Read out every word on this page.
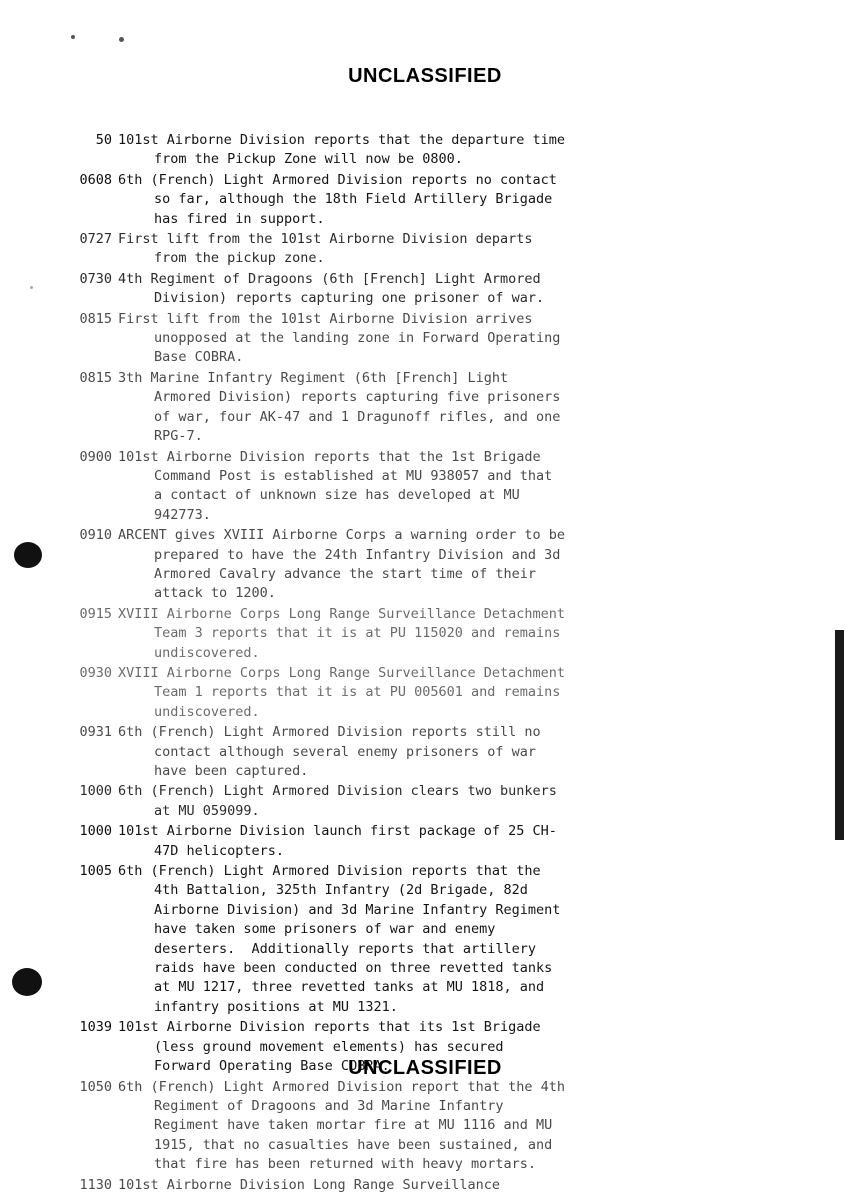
UNCLASSIFIED
50 101st Airborne Division reports that the departure time
from the Pickup Zone will now be 0800.
0608 6th (French) Light Armored Division reports no contact
so far, although the 18th Field Artillery Brigade
has fired in support.
0727 First lift from the 101st Airborne Division departs
from the pickup zone.
0730 4th Regiment of Dragoons (6th [French] Light Armored
Division) reports capturing one prisoner of war.
0815 First lift from the 101st Airborne Division arrives
unopposed at the landing zone in Forward Operating
Base COBRA.
0815 3th Marine Infantry Regiment (6th [French] Light
Armored Division) reports capturing five prisoners
of war, four AK-47 and 1 Dragunoff rifles, and one
RPG-7.
0900 101st Airborne Division reports that the 1st Brigade
Command Post is established at MU 938057 and that
a contact of unknown size has developed at MU
942773.
0910 ARCENT gives XVIII Airborne Corps a warning order to be
prepared to have the 24th Infantry Division and 3d
Armored Cavalry advance the start time of their
attack to 1200.
0915 XVIII Airborne Corps Long Range Surveillance Detachment
Team 3 reports that it is at PU 115020 and remains
undiscovered.
0930 XVIII Airborne Corps Long Range Surveillance Detachment
Team 1 reports that it is at PU 005601 and remains
undiscovered.
0931 6th (French) Light Armored Division reports still no
contact although several enemy prisoners of war
have been captured.
1000 6th (French) Light Armored Division clears two bunkers
at MU 059099.
1000 101st Airborne Division launch first package of 25 CH-
47D helicopters.
1005 6th (French) Light Armored Division reports that the
4th Battalion, 325th Infantry (2d Brigade, 82d
Airborne Division) and 3d Marine Infantry Regiment
have taken some prisoners of war and enemy
deserters.  Additionally reports that artillery
raids have been conducted on three revetted tanks
at MU 1217, three revetted tanks at MU 1818, and
infantry positions at MU 1321.
1039 101st Airborne Division reports that its 1st Brigade
(less ground movement elements) has secured
Forward Operating Base COBRA.
1050 6th (French) Light Armored Division report that the 4th
Regiment of Dragoons and 3d Marine Infantry
Regiment have taken mortar fire at MU 1116 and MU
1915, that no casualties have been sustained, and
that fire has been returned with heavy mortars.
1130 101st Airborne Division Long Range Surveillance
UNCLASSIFIED
